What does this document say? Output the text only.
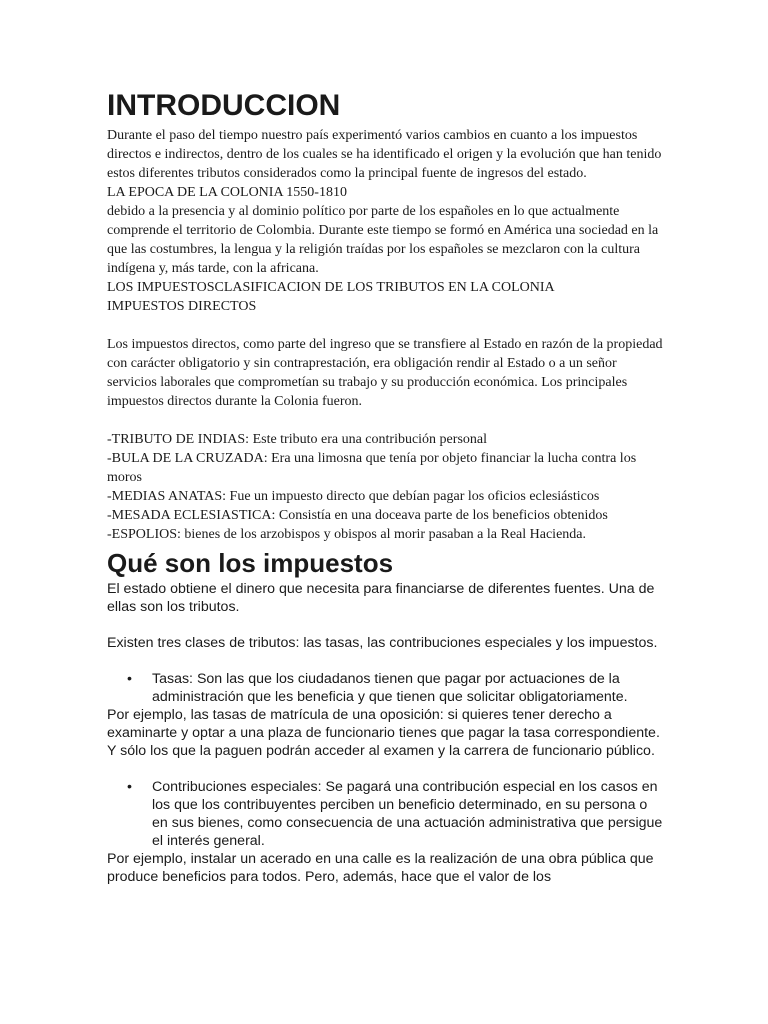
INTRODUCCION

Durante el paso del tiempo nuestro país experimentó varios cambios en cuanto a los impuestos directos e indirectos, dentro de los cuales se ha identificado el origen y la evolución que han tenido estos diferentes tributos considerados como la principal fuente de ingresos del estado.

LA EPOCA DE LA COLONIA 1550-1810

debido a la presencia y al dominio político por parte de los españoles en lo que actualmente comprende el territorio de Colombia. Durante este tiempo se formó en América una sociedad en la que las costumbres, la lengua y la religión traídas por los españoles se mezclaron con la cultura indígena y, más tarde, con la africana.

LOS IMPUESTOSCLASIFICACION DE LOS TRIBUTOS EN LA COLONIA

IMPUESTOS DIRECTOS

Los impuestos directos, como parte del ingreso que se transfiere al Estado en razón de la propiedad con carácter obligatorio y sin contraprestación, era obligación rendir al Estado o a un señor servicios laborales que comprometían su trabajo y su producción económica. Los principales impuestos directos durante la Colonia fueron.

-TRIBUTO DE INDIAS: Este tributo era una contribución personal

-BULA DE LA CRUZADA: Era una limosna que tenía por objeto financiar la lucha contra los moros

-MEDIAS ANATAS: Fue un impuesto directo que debían pagar los oficios eclesiásticos

-MESADA ECLESIASTICA: Consistía en una doceava parte de los beneficios obtenidos

-ESPOLIOS: bienes de los arzobispos y obispos al morir pasaban a la Real Hacienda.

Qué son los impuestos

El estado obtiene el dinero que necesita para financiarse de diferentes fuentes. Una de ellas son los tributos.

Existen tres clases de tributos: las tasas, las contribuciones especiales y los impuestos.

•	Tasas: Son las que los ciudadanos tienen que pagar por actuaciones de la administración que les beneficia y que tienen que solicitar obligatoriamente.

Por ejemplo, las tasas de matrícula de una oposición: si quieres tener derecho a examinarte y optar a una plaza de funcionario tienes que pagar la tasa correspondiente. Y sólo los que la paguen podrán acceder al examen y la carrera de funcionario público.

•	Contribuciones especiales: Se pagará una contribución especial en los casos en los que los contribuyentes perciben un beneficio determinado, en su persona o en sus bienes, como consecuencia de una actuación administrativa que persigue el interés general.

Por ejemplo, instalar un acerado en una calle es la realización de una obra pública que produce beneficios para todos. Pero, además, hace que el valor de los
